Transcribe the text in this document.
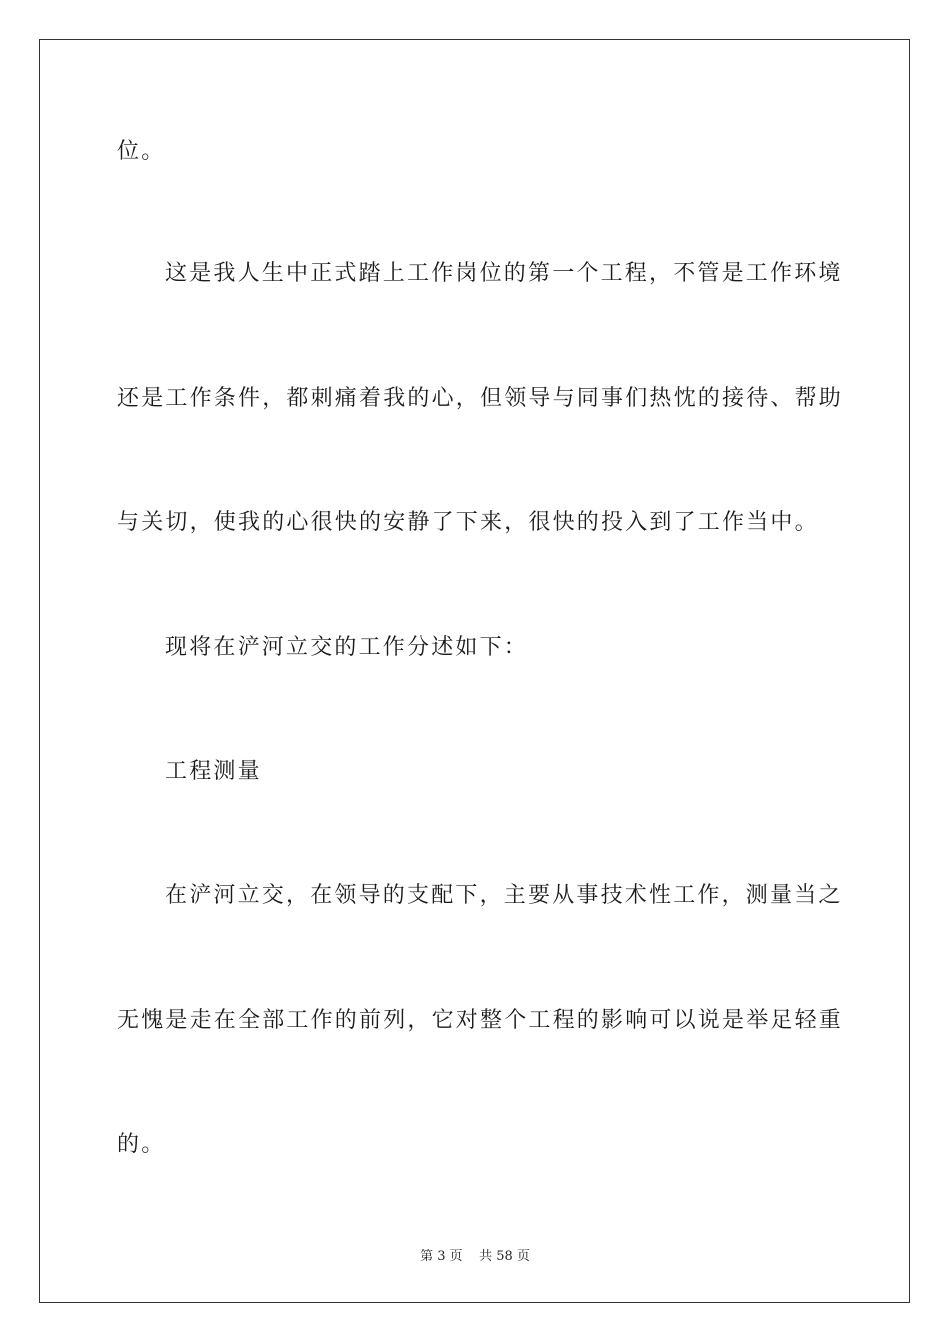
位。
这是我人生中正式踏上工作岗位的第一个工程，不管是工作环境
还是工作条件，都刺痛着我的心，但领导与同事们热忱的接待、帮助
与关切，使我的心很快的安静了下来，很快的投入到了工作当中。
现将在浐河立交的工作分述如下：
工程测量
在浐河立交，在领导的支配下，主要从事技术性工作，测量当之
无愧是走在全部工作的前列，它对整个工程的影响可以说是举足轻重
的。
第 3 页    共 58 页
